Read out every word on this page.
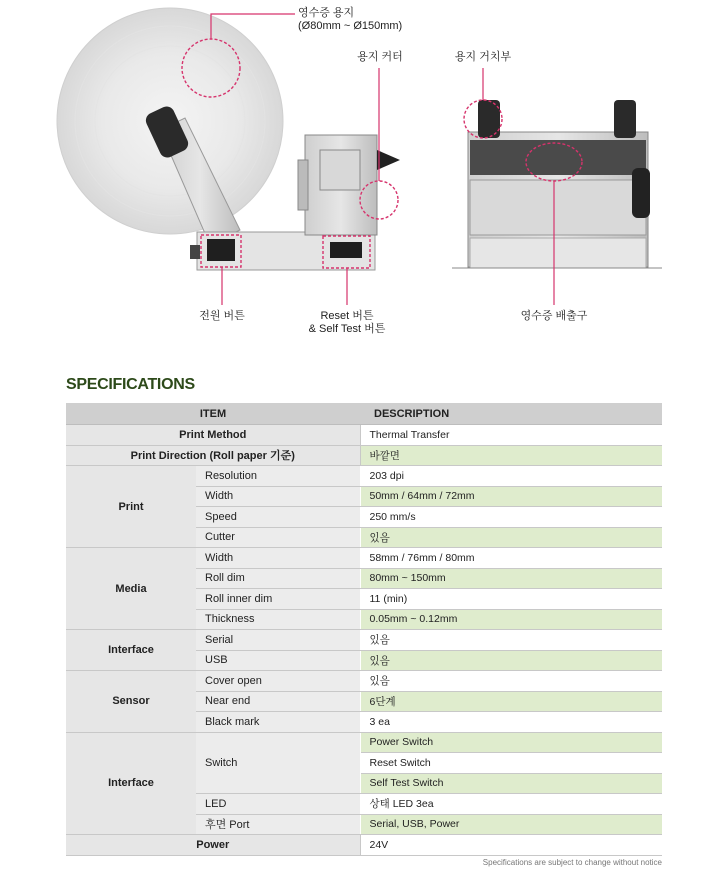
영수증 용지
(Ø80mm ~ Ø150mm)
용지 커터	용지 거치부
전원 버튼	Reset 버튼
& Self Test 버튼
영수증 배출구
SPECIFICATIONS
ITEM		DESCRIPTION
Print Method		Thermal Transfer
Print Direction (Roll paper 기준)		바깥면
Print	Resolution	203 dpi
	Width	50mm / 64mm / 72mm
	Speed	250 mm/s
	Cutter	있음
Media	Width	58mm / 76mm / 80mm
	Roll dim	80mm ~ 150mm
	Roll inner dim	11 (min)
	Thickness	0.05mm ~ 0.12mm
Interface	Serial	있음
	USB	있음
Sensor	Cover open	있음
	Near end	6단계
	Black mark	3 ea
Interface	Switch	Power Switch
		Reset Switch
		Self Test Switch
	LED	상태 LED 3ea
	후면 Port	Serial, USB, Power
Power		24V
Specifications are subject to change without notice
